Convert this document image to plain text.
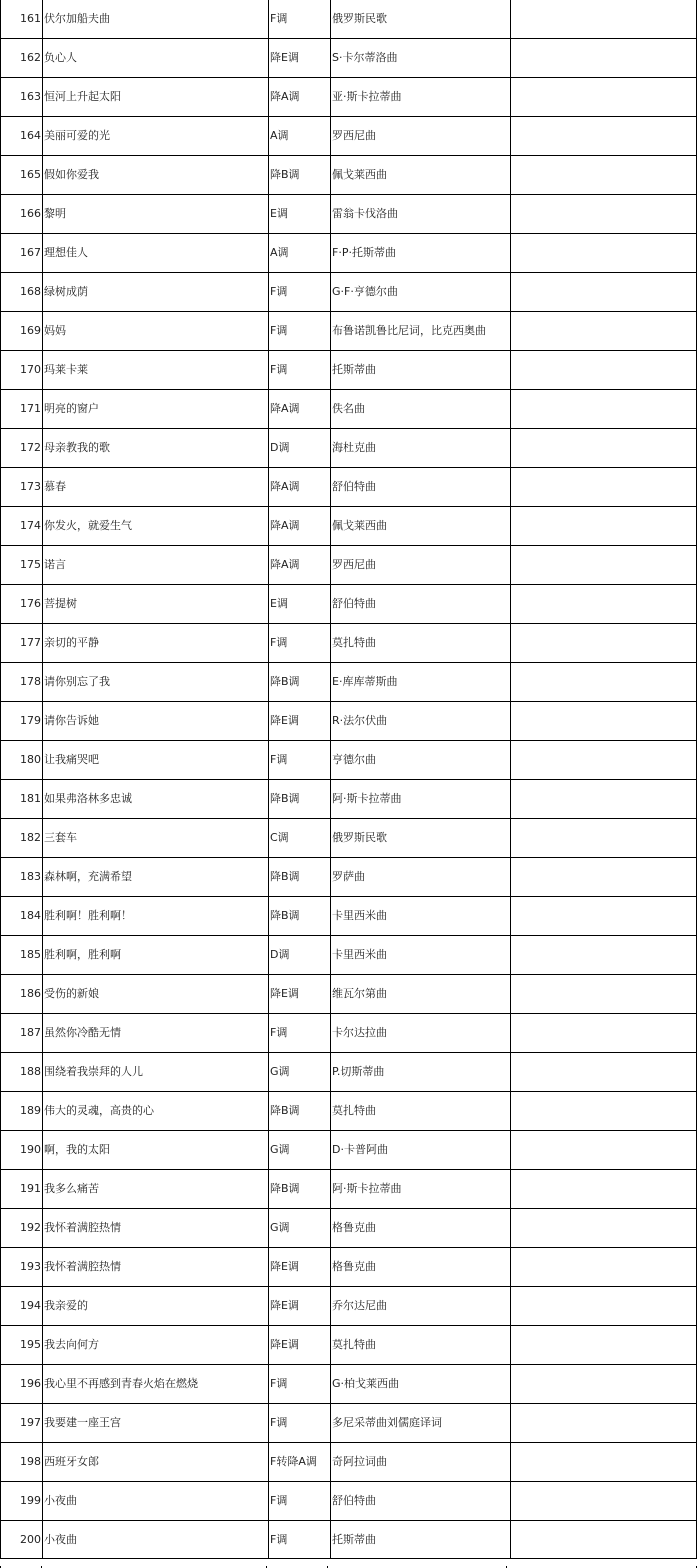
161	伏尔加船夫曲	F调	俄罗斯民歌	
162	负心人	降E调	S·卡尔蒂洛曲	
163	恒河上升起太阳	降A调	亚·斯卡拉蒂曲	
164	美丽可爱的光	A调	罗西尼曲	
165	假如你爱我	降B调	佩戈莱西曲	
166	黎明	E调	雷翁卡伐洛曲	
167	理想佳人	A调	F·P·托斯蒂曲	
168	绿树成荫	F调	G·F·亨德尔曲	
169	妈妈	F调	布鲁诺凯鲁比尼词，比克西奥曲	
170	玛莱卡莱	F调	托斯蒂曲	
171	明亮的窗户	降A调	佚名曲	
172	母亲教我的歌	D调	海杜克曲	
173	慕春	降A调	舒伯特曲	
174	你发火，就爱生气	降A调	佩戈莱西曲	
175	诺言	降A调	罗西尼曲	
176	菩提树	E调	舒伯特曲	
177	亲切的平静	F调	莫扎特曲	
178	请你别忘了我	降B调	E·库库蒂斯曲	
179	请你告诉她	降E调	R·法尔伏曲	
180	让我痛哭吧	F调	亨德尔曲	
181	如果弗洛林多忠诚	降B调	阿·斯卡拉蒂曲	
182	三套车	C调	俄罗斯民歌	
183	森林啊，充满希望	降B调	罗萨曲	
184	胜利啊！胜利啊！	降B调	卡里西米曲	
185	胜利啊，胜利啊	D调	卡里西米曲	
186	受伤的新娘	降E调	维瓦尔第曲	
187	虽然你冷酷无情	F调	卡尔达拉曲	
188	围绕着我崇拜的人儿	G调	P.切斯蒂曲	
189	伟大的灵魂，高贵的心	降B调	莫扎特曲	
190	啊，我的太阳	G调	D·卡普阿曲	
191	我多么痛苦	降B调	阿·斯卡拉蒂曲	
192	我怀着满腔热情	G调	格鲁克曲	
193	我怀着满腔热情	降E调	格鲁克曲	
194	我亲爱的	降E调	乔尔达尼曲	
195	我去向何方	降E调	莫扎特曲	
196	我心里不再感到青春火焰在燃烧	F调	G·柏戈莱西曲	
197	我要建一座王宫	F调	多尼采蒂曲刘儒庭译词	
198	西班牙女郎	F转降A调	奇阿拉词曲	
199	小夜曲	F调	舒伯特曲	
200	小夜曲	F调	托斯蒂曲	
